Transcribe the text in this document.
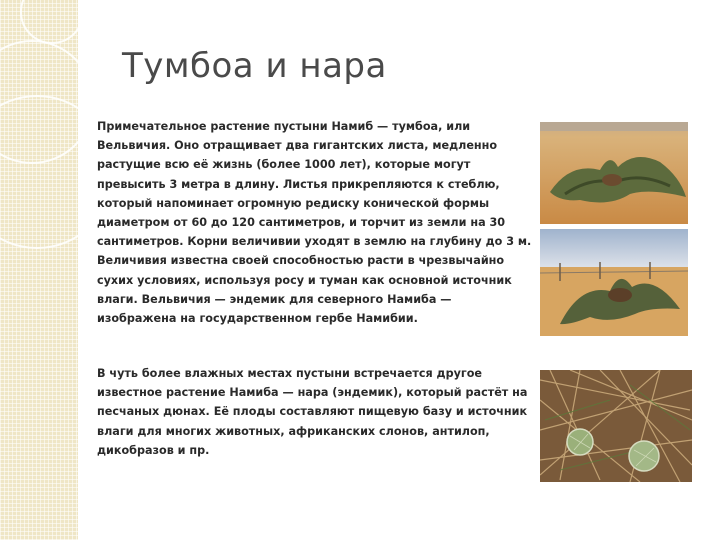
Тумбоа и нара

Примечательное растение пустыни Намиб — тумбоа, или Вельвичия. Оно отращивает два гигантских листа, медленно растущие всю её жизнь (более 1000 лет), которые могут превысить 3 метра в длину. Листья прикрепляются к стеблю, который напоминает огромную редиску конической формы диаметром от 60 до 120 сантиметров, и торчит из земли на 30 сантиметров. Корни величивии уходят в землю на глубину до 3 м. Величивия известна своей способностью расти в чрезвычайно сухих условиях, используя росу и туман как основной источник влаги. Вельвичия — эндемик для северного Намиба — изображена на государственном гербе Намибии.

В чуть более влажных местах пустыни встречается другое известное растение Намиба — нара (эндемик), который растёт на песчаных дюнах. Её плоды составляют пищевую базу и источник влаги для многих животных, африканских слонов, антилоп, дикобразов и пр.
